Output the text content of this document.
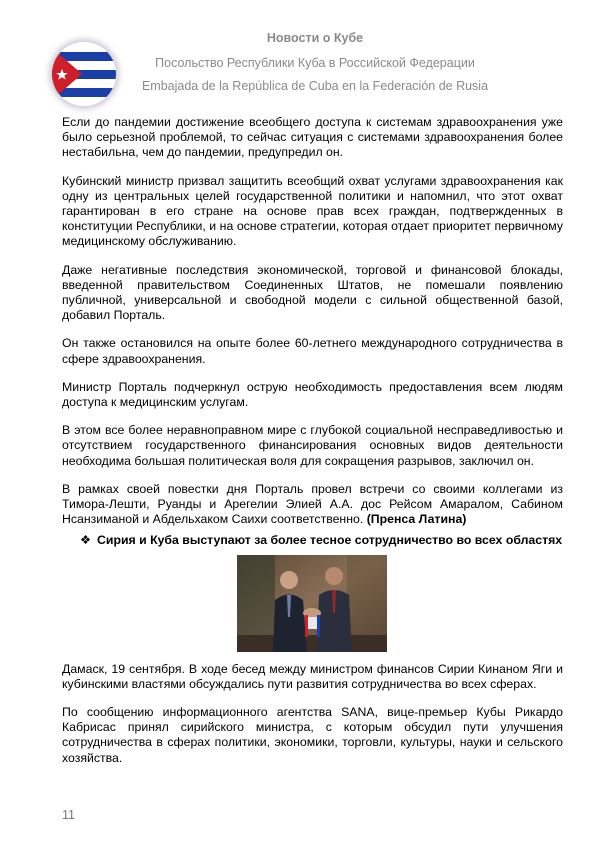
Новости о Кубе
Посольство Республики Куба в Российской Федерации
Embajada de la República de Cuba en la Federación de Rusia

Если до пандемии достижение всеобщего доступа к системам здравоохранения уже было серьезной проблемой, то сейчас ситуация с системами здравоохранения более нестабильна, чем до пандемии, предупредил он.

Кубинский министр призвал защитить всеобщий охват услугами здравоохранения как одну из центральных целей государственной политики и напомнил, что этот охват гарантирован в его стране на основе прав всех граждан, подтвержденных в конституции Республики, и на основе стратегии, которая отдает приоритет первичному медицинскому обслуживанию.

Даже негативные последствия экономической, торговой и финансовой блокады, введенной правительством Соединенных Штатов, не помешали появлению публичной, универсальной и свободной модели с сильной общественной базой, добавил Порталь.

Он также остановился на опыте более 60-летнего международного сотрудничества в сфере здравоохранения.

Министр Порталь подчеркнул острую необходимость предоставления всем людям доступа к медицинским услугам.

В этом все более неравноправном мире с глубокой социальной несправедливостью и отсутствием государственного финансирования основных видов деятельности необходима большая политическая воля для сокращения разрывов, заключил он.

В рамках своей повестки дня Порталь провел встречи со своими коллегами из Тимора-Лешти, Руанды и Арегелии Элией А.А. дос Рейсом Амаралом, Сабином Нсанзиманой и Абдельхаком Саихи соответственно. (Пренса Латина)

❖ Сирия и Куба выступают за более тесное сотрудничество во всех областях

Дамаск, 19 сентября. В ходе бесед между министром финансов Сирии Кинаном Яги и кубинскими властями обсуждались пути развития сотрудничества во всех сферах.

По сообщению информационного агентства SANA, вице-премьер Кубы Рикардо Кабрисас принял сирийского министра, с которым обсудил пути улучшения сотрудничества в сферах политики, экономики, торговли, культуры, науки и сельского хозяйства.

11
